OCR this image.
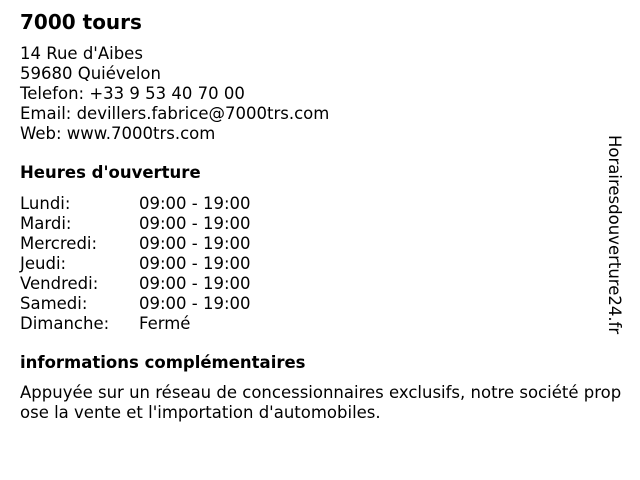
7000 tours
14 Rue d'Aibes
59680 Quiévelon
Telefon: +33 9 53 40 70 00
Email: devillers.fabrice@7000trs.com
Web: www.7000trs.com
Heures d'ouverture
Lundi:	09:00 - 19:00
Mardi:	09:00 - 19:00
Mercredi:	09:00 - 19:00
Jeudi:	09:00 - 19:00
Vendredi: 09:00 - 19:00
Samedi:	09:00 - 19:00
Dimanche: Fermé
informations complémentaires

Appuyée sur un réseau de concessionnaires exclusifs, notre société propose la vente et l'importation d'automobiles.

Horairesdouverture24.fr
